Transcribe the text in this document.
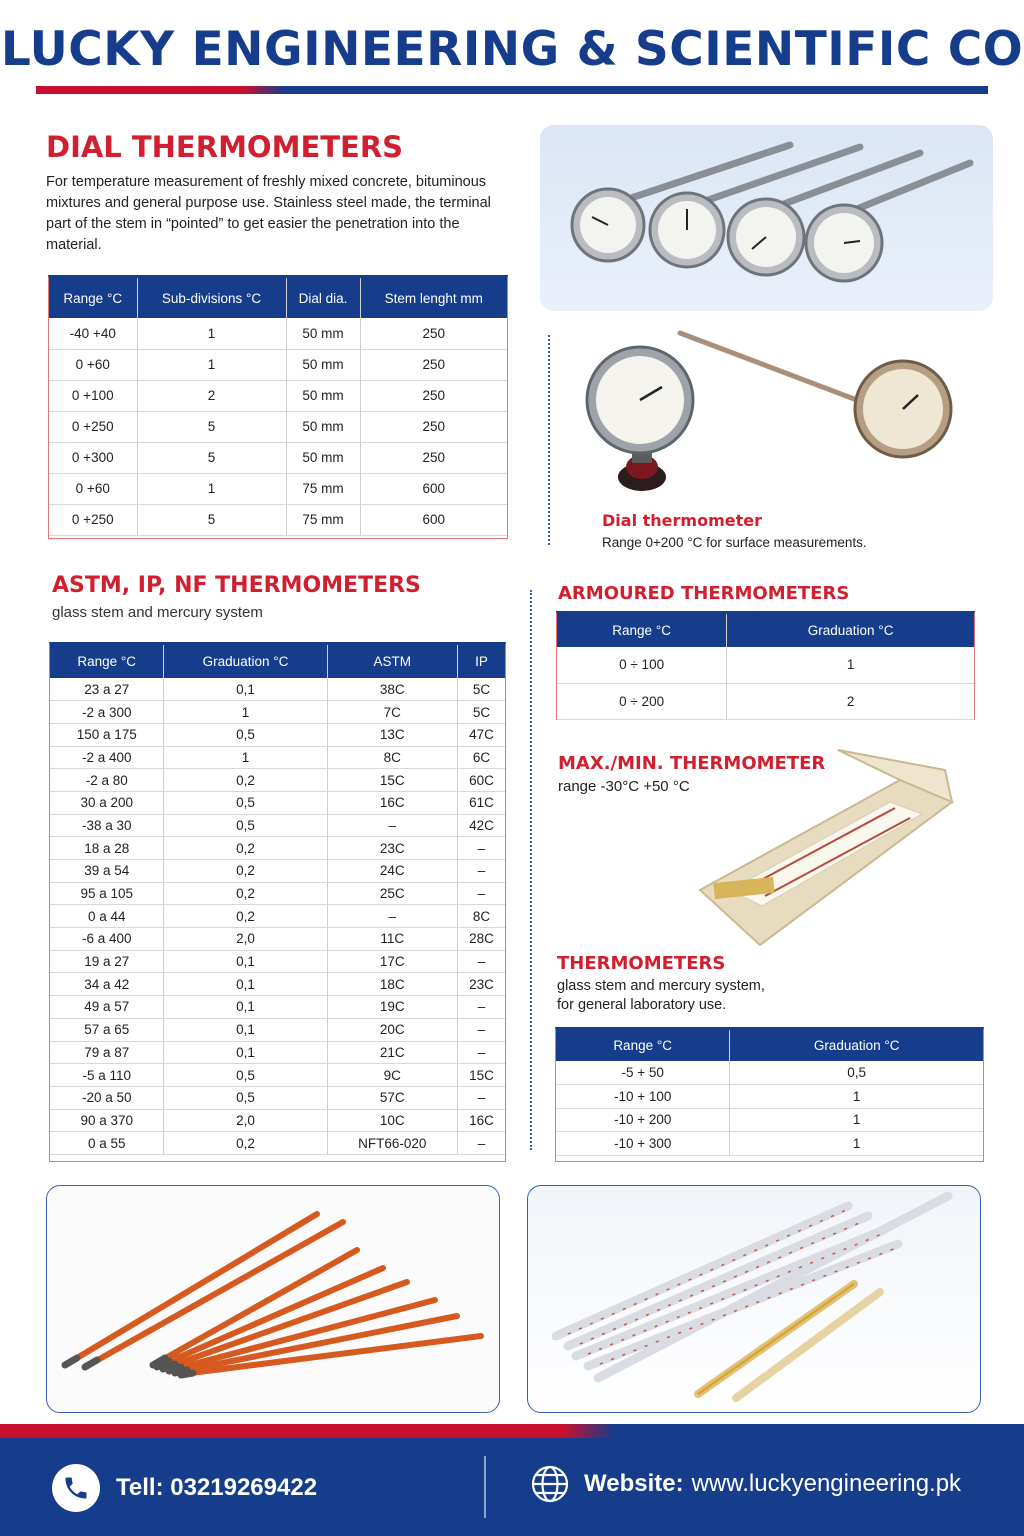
LUCKY ENGINEERING & SCIENTIFIC CO
DIAL THERMOMETERS
For temperature measurement of freshly mixed concrete, bituminous mixtures and general purpose use. Stainless steel made, the terminal part of the stem in “pointed” to get easier the penetration into the material.
Range °C	Sub-divisions °C	Dial dia.	Stem lenght mm
-40 +40	1	50 mm	250
0 +60	1	50 mm	250
0 +100	2	50 mm	250
0 +250	5	50 mm	250
0 +300	5	50 mm	250
0 +60	1	75 mm	600
0 +250	5	75 mm	600	Dial thermometer
Range 0+200 °C for surface measurements.
ASTM, IP, NF THERMOMETERS
glass stem and mercury system
Range °C	Graduation °C	ASTM	IP
23 a 27	0,1	38C	5C
-2 a 300	1	7C	5C
150 a 175	0,5	13C	47C
-2 a 400	1	8C	6C
-2 a 80	0,2	15C	60C
30 a 200	0,5	16C	61C
-38 a 30	0,5	–	42C
18 a 28	0,2	23C	–
39 a 54	0,2	24C	–
95 a 105	0,2	25C	–
0 a 44	0,2	–	8C
-6 a 400	2,0	11C	28C
19 a 27	0,1	17C	–
34 a 42	0,1	18C	23C
49 a 57	0,1	19C	–
57 a 65	0,1	20C	–
79 a 87	0,1	21C	–
-5 a 110	0,5	9C	15C
-20 a 50	0,5	57C	–
90 a 370	2,0	10C	16C
0 a 55	0,2	NFT66-020	–
ARMOURED THERMOMETERS
Range °C	Graduation °C
0 ÷ 100	1
0 ÷ 200	2
MAX./MIN. THERMOMETER
range -30°C +50 °C
THERMOMETERS
glass stem and mercury system,
for general laboratory use.
Range °C	Graduation °C
-5 + 50	0,5
-10 + 100	1
-10 + 200	1
-10 + 300	1
Tell: 03219269422	Website: www.luckyengineering.pk
